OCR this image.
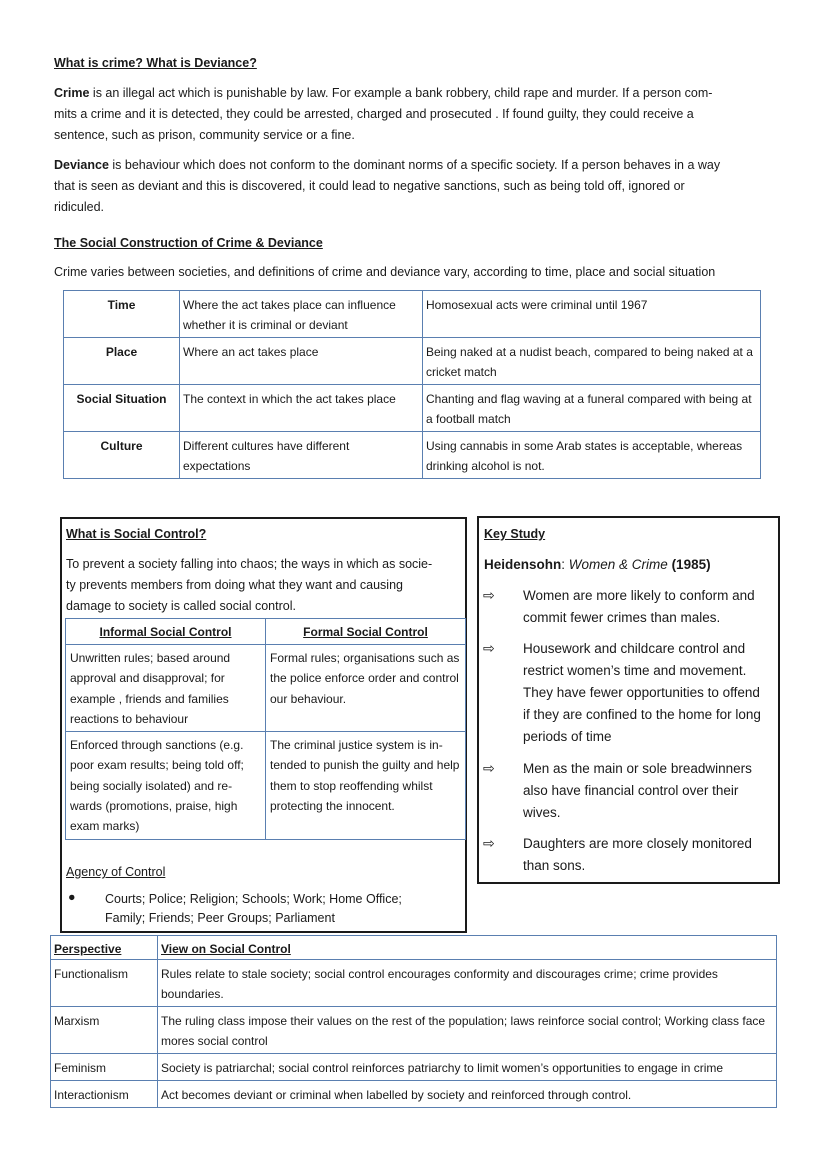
What is crime? What is Deviance?
Crime is an illegal act which is punishable by law. For example a bank robbery, child rape and murder. If a person com-
mits a crime and it is detected, they could be arrested, charged and prosecuted . If found guilty, they could receive a
sentence, such as prison, community service or a fine.
Deviance is behaviour which does not conform to the dominant norms of a specific society. If a person behaves in a way
that is seen as deviant and this is discovered, it could lead to negative sanctions, such as being told off, ignored or
ridiculed.
The Social Construction of Crime & Deviance
Crime varies between societies, and definitions of crime and deviance vary, according to time, place and social situation
Time	Where the act takes place can influence whether it is criminal or deviant	Homosexual acts were criminal until 1967
Place	Where an act takes place	Being naked at a nudist beach, compared to being naked at a cricket match
Social Situation	The context in which the act takes place	Chanting and flag waving at a funeral compared with being at a football match
Culture	Different cultures have different expectations	Using cannabis in some Arab states is acceptable, whereas drinking alcohol is not.
What is Social Control?
To prevent a society falling into chaos; the ways in which as socie-
ty prevents members from doing what they want and causing
damage to society is called social control.
Informal Social Control	Formal Social Control
Unwritten rules; based around approval and disapproval; for example , friends and families reactions to behaviour	Formal rules; organisations such as the police enforce order and control our behaviour.
Enforced through sanctions (e.g. poor exam results; being told off; being socially isolated) and re-wards (promotions, praise, high exam marks)	The criminal justice system is in-tended to punish the guilty and help them to stop reoffending whilst protecting the innocent.
Agency of Control
● Courts; Police; Religion; Schools; Work; Home Office;
Family; Friends; Peer Groups; Parliament
Key Study
Heidensohn: Women & Crime (1985)
⇨ Women are more likely to conform and commit fewer crimes than males.
⇨ Housework and childcare control and restrict women’s time and movement. They have fewer opportunities to offend if they are confined to the home for long periods of time
⇨ Men as the main or sole breadwinners also have financial control over their wives.
⇨ Daughters are more closely monitored than sons.
Perspective	View on Social Control
Functionalism	Rules relate to stale society; social control encourages conformity and discourages crime; crime provides boundaries.
Marxism	The ruling class impose their values on the rest of the population; laws reinforce social control; Working class face mores social control
Feminism	Society is patriarchal; social control reinforces patriarchy to limit women’s opportunities to engage in crime
Interactionism	Act becomes deviant or criminal when labelled by society and reinforced through control.
